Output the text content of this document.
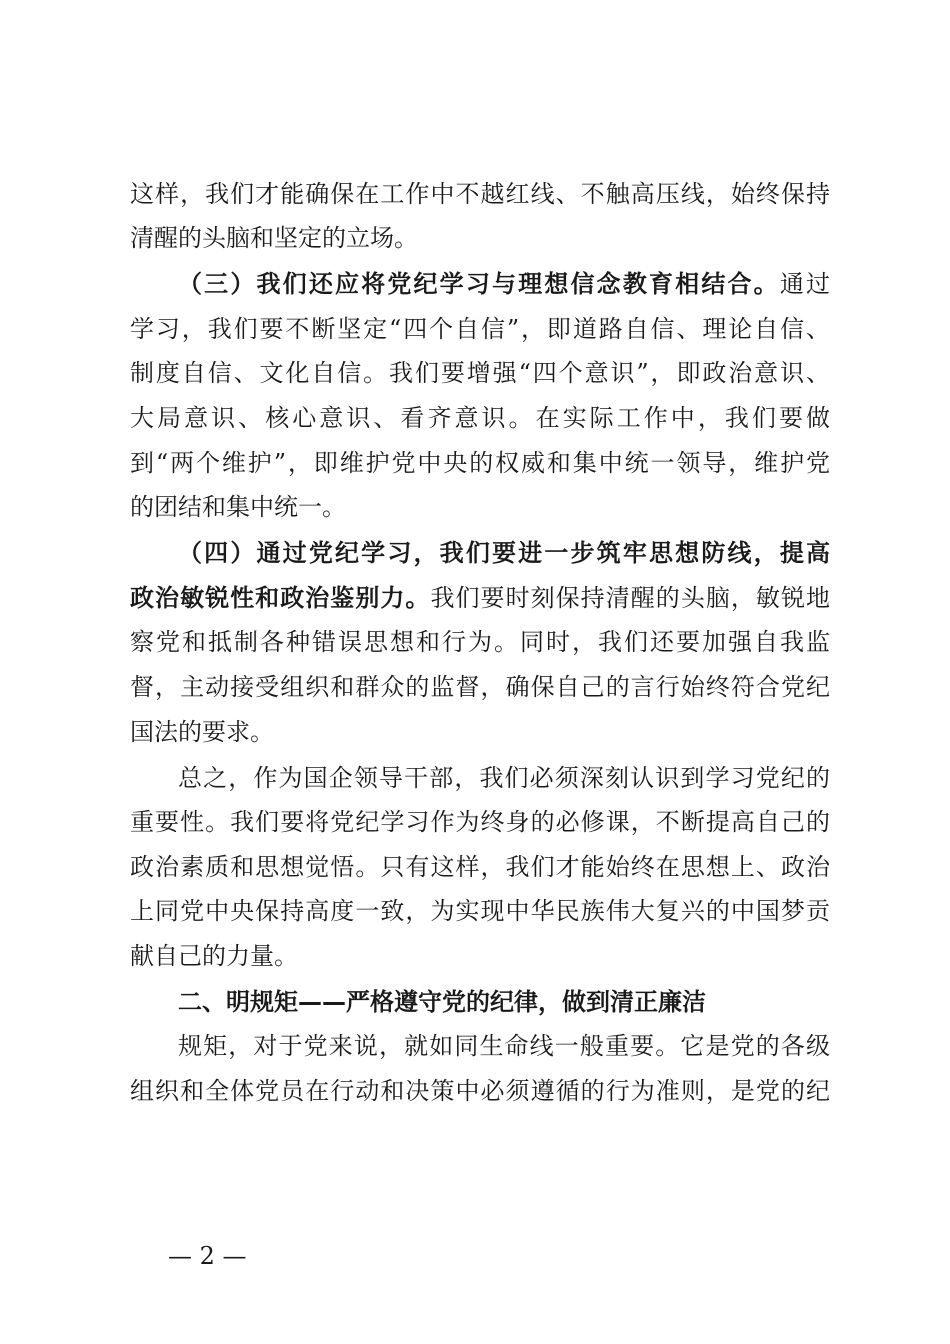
这样，我们才能确保在工作中不越红线、不触高压线，始终保持
清醒的头脑和坚定的立场。
（三）我们还应将党纪学习与理想信念教育相结合。通过
学习，我们要不断坚定“四个自信”，即道路自信、理论自信、
制度自信、文化自信。我们要增强“四个意识”，即政治意识、
大局意识、核心意识、看齐意识。在实际工作中，我们要做
到“两个维护”，即维护党中央的权威和集中统一领导，维护党
的团结和集中统一。
（四）通过党纪学习，我们要进一步筑牢思想防线，提高
政治敏锐性和政治鉴别力。我们要时刻保持清醒的头脑，敏锐地
察党和抵制各种错误思想和行为。同时，我们还要加强自我监
督，主动接受组织和群众的监督，确保自己的言行始终符合党纪
国法的要求。
总之，作为国企领导干部，我们必须深刻认识到学习党纪的
重要性。我们要将党纪学习作为终身的必修课，不断提高自己的
政治素质和思想觉悟。只有这样，我们才能始终在思想上、政治
上同党中央保持高度一致，为实现中华民族伟大复兴的中国梦贡
献自己的力量。
二、明规矩——严格遵守党的纪律，做到清正廉洁
规矩，对于党来说，就如同生命线一般重要。它是党的各级
组织和全体党员在行动和决策中必须遵循的行为准则，是党的纪
— 2 —
